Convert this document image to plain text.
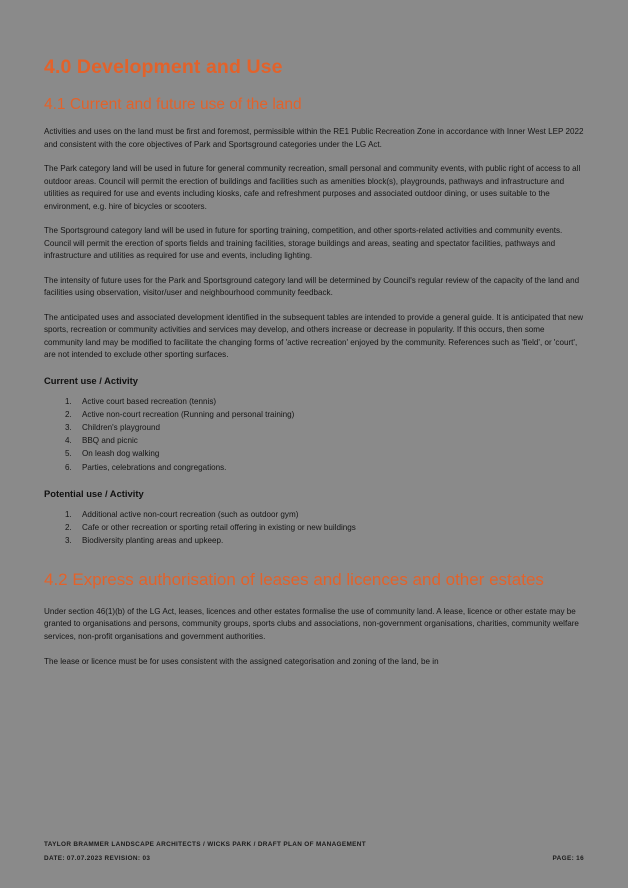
4.0 Development and Use
4.1 Current and future use of the land

Activities and uses on the land must be first and foremost, permissible within the RE1 Public Recreation Zone in accordance with Inner West LEP 2022 and consistent with the core objectives of Park and Sportsground categories under the LG Act.

The Park category land will be used in future for general community recreation, small personal and community events, with public right of access to all outdoor areas. Council will permit the erection of buildings and facilities such as amenities block(s), playgrounds, pathways and infrastructure and utilities as required for use and events including kiosks, cafe and refreshment purposes and associated outdoor dining, or uses suitable to the environment, e.g. hire of bicycles or scooters.

The Sportsground category land will be used in future for sporting training, competition, and other sports-related activities and community events. Council will permit the erection of sports fields and training facilities, storage buildings and areas, seating and spectator facilities, pathways and infrastructure and utilities as required for use and events, including lighting.

The intensity of future uses for the Park and Sportsground category land will be determined by Council's regular review of the capacity of the land and facilities using observation, visitor/user and neighbourhood community feedback.

The anticipated uses and associated development identified in the subsequent tables are intended to provide a general guide. It is anticipated that new sports, recreation or community activities and services may develop, and others increase or decrease in popularity. If this occurs, then some community land may be modified to facilitate the changing forms of 'active recreation' enjoyed by the community. References such as 'field', or 'court', are not intended to exclude other sporting surfaces.

Current use / Activity
1. Active court based recreation (tennis)
2. Active non-court recreation (Running and personal training)
3. Children's playground
4. BBQ and picnic
5. On leash dog walking
6. Parties, celebrations and congregations.
Potential use / Activity
1. Additional active non-court recreation (such as outdoor gym)
2. Cafe or other recreation or sporting retail offering in existing or new buildings
3. Biodiversity planting areas and upkeep.
4.2 Express authorisation of leases and licences and other estates

Under section 46(1)(b) of the LG Act, leases, licences and other estates formalise the use of community land. A lease, licence or other estate may be granted to organisations and persons, community groups, sports clubs and associations, non-government organisations, charities, community welfare services, non-profit organisations and government authorities.

The lease or licence must be for uses consistent with the assigned categorisation and zoning of the land, be in

TAYLOR BRAMMER LANDSCAPE ARCHITECTS / WICKS PARK / DRAFT PLAN OF MANAGEMENT
DATE: 07.07.2023 REVISION: 03	PAGE: 16
